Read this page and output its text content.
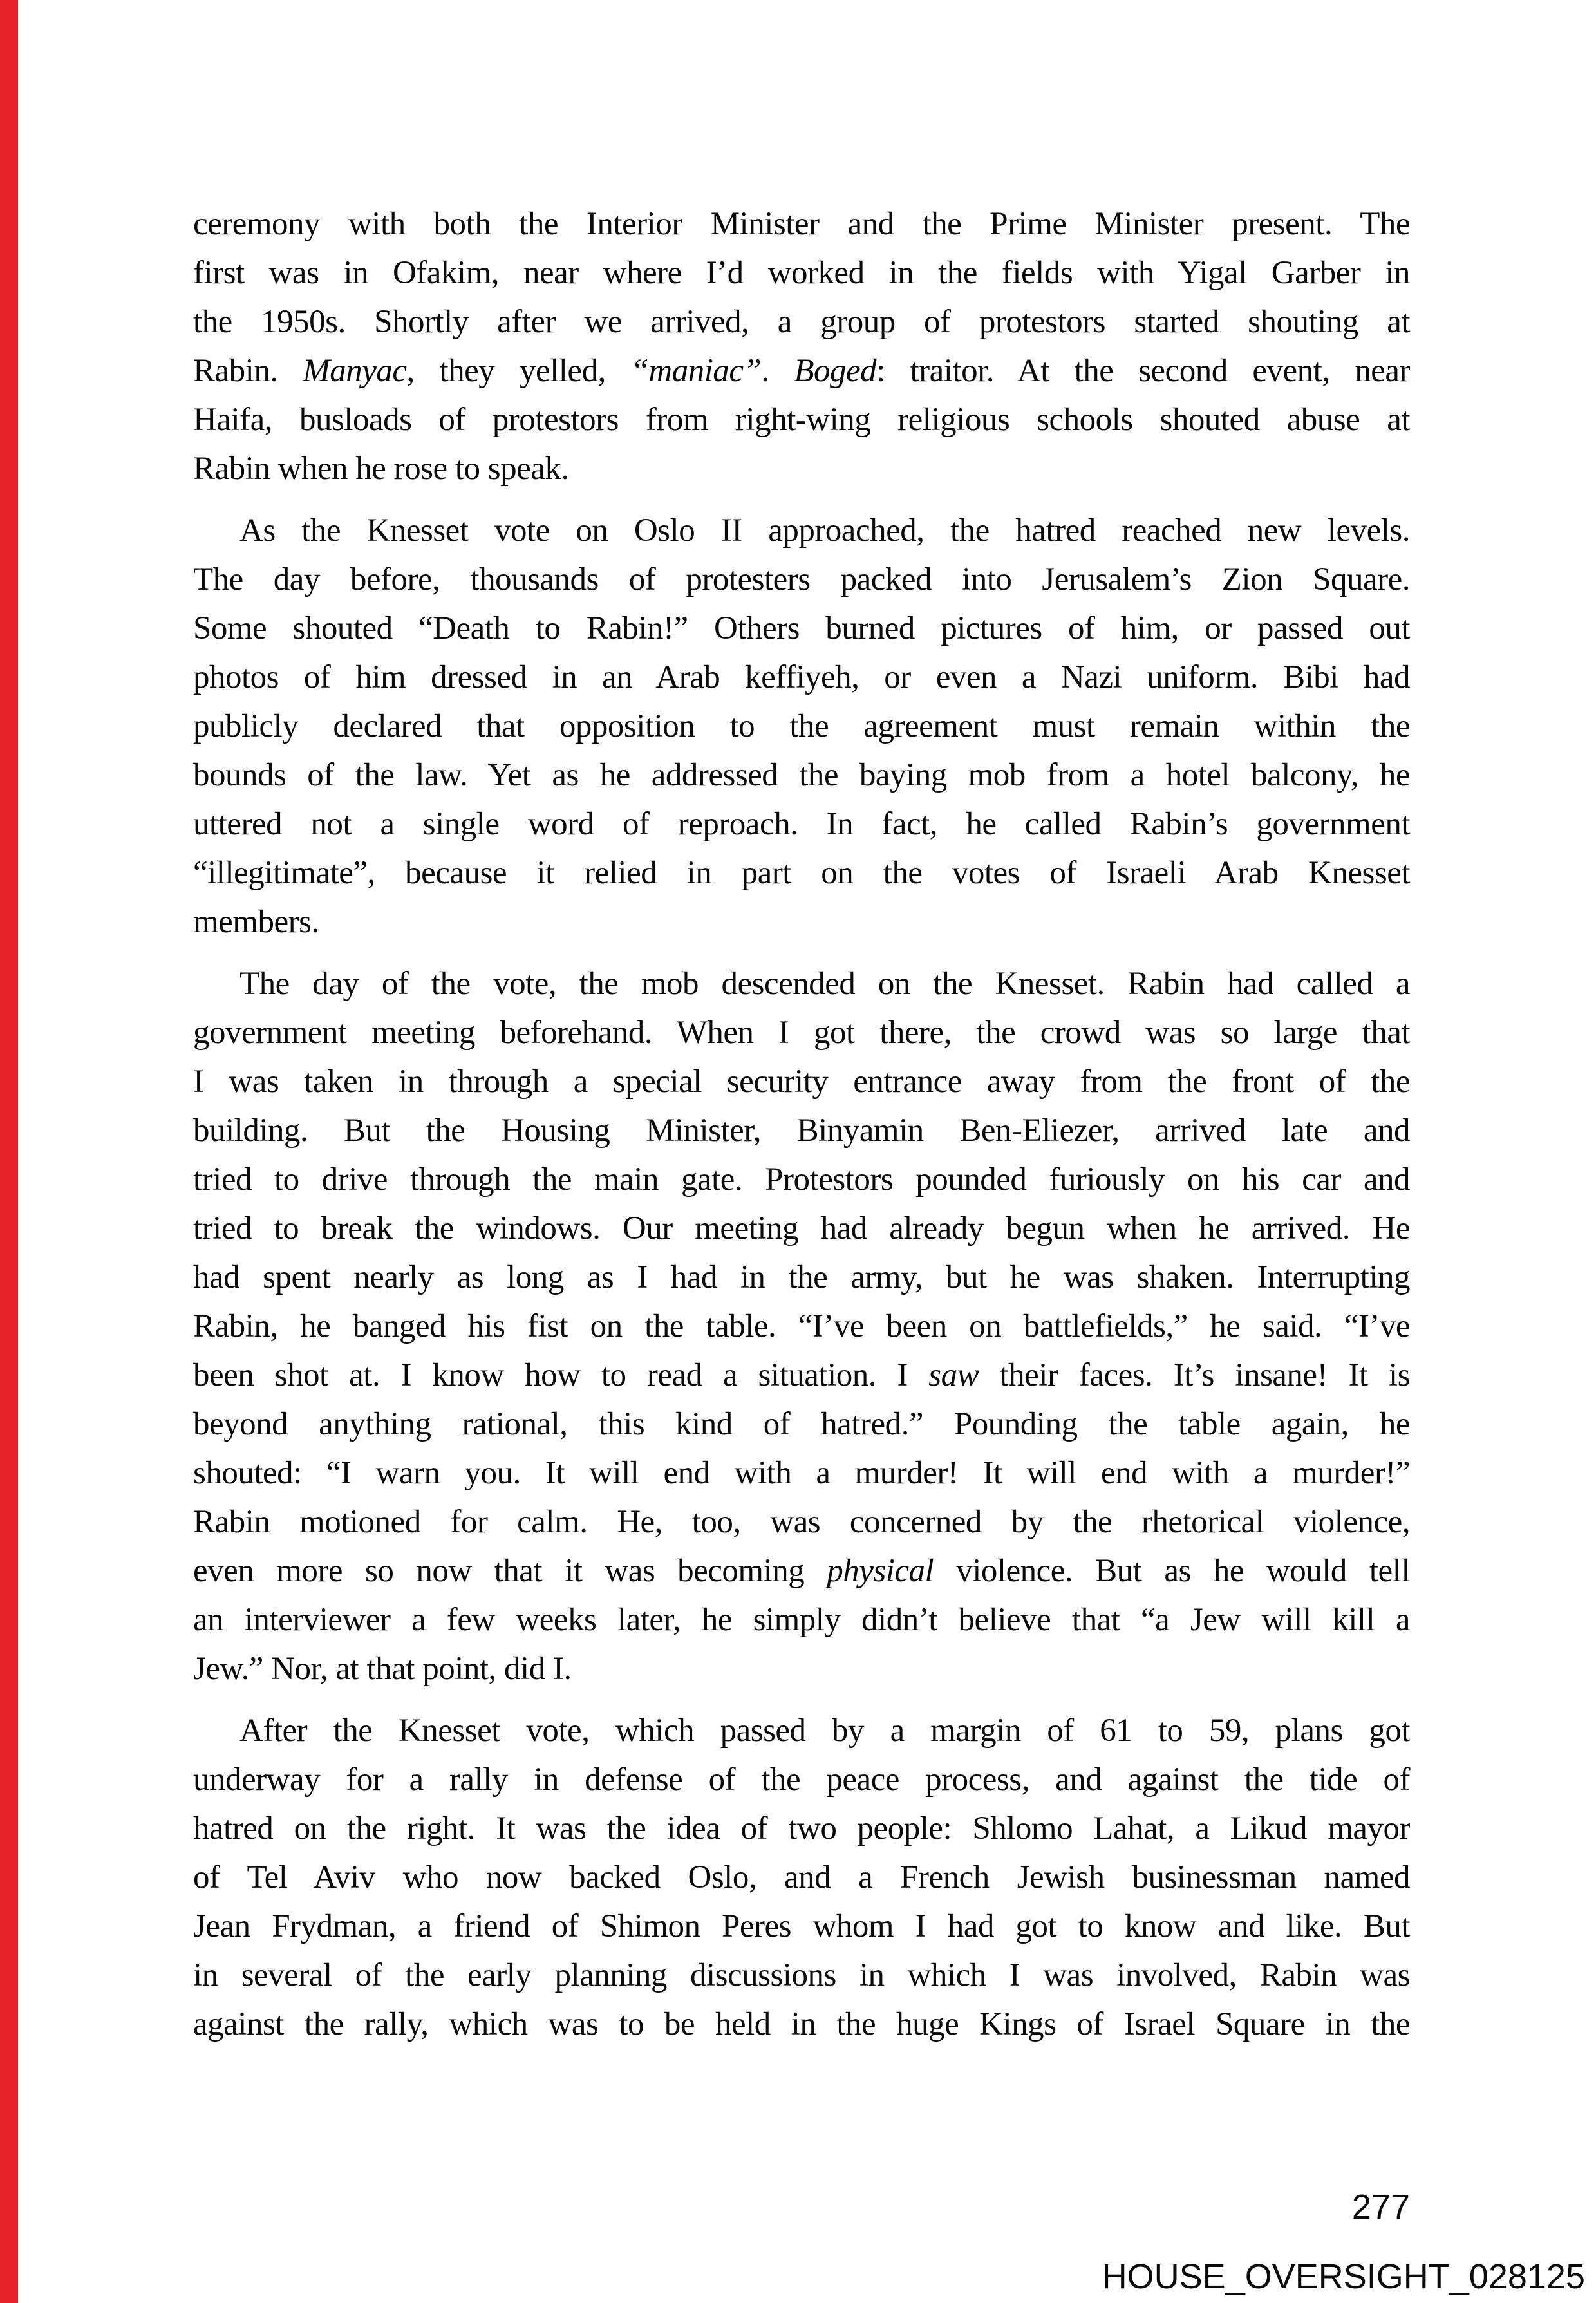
ceremony with both the Interior Minister and the Prime Minister present. The
first was in Ofakim, near where I’d worked in the fields with Yigal Garber in
the 1950s. Shortly after we arrived, a group of protestors started shouting at
Rabin. Manyac, they yelled, “maniac”. Boged: traitor. At the second event, near
Haifa, busloads of protestors from right-wing religious schools shouted abuse at
Rabin when he rose to speak.
As the Knesset vote on Oslo II approached, the hatred reached new levels.
The day before, thousands of protesters packed into Jerusalem’s Zion Square.
Some shouted “Death to Rabin!” Others burned pictures of him, or passed out
photos of him dressed in an Arab keffiyeh, or even a Nazi uniform. Bibi had
publicly declared that opposition to the agreement must remain within the
bounds of the law. Yet as he addressed the baying mob from a hotel balcony, he
uttered not a single word of reproach. In fact, he called Rabin’s government
“illegitimate”, because it relied in part on the votes of Israeli Arab Knesset
members.
The day of the vote, the mob descended on the Knesset. Rabin had called a
government meeting beforehand. When I got there, the crowd was so large that
I was taken in through a special security entrance away from the front of the
building. But the Housing Minister, Binyamin Ben-Eliezer, arrived late and
tried to drive through the main gate. Protestors pounded furiously on his car and
tried to break the windows. Our meeting had already begun when he arrived. He
had spent nearly as long as I had in the army, but he was shaken. Interrupting
Rabin, he banged his fist on the table. “I’ve been on battlefields,” he said. “I’ve
been shot at. I know how to read a situation. I saw their faces. It’s insane! It is
beyond anything rational, this kind of hatred.” Pounding the table again, he
shouted: “I warn you. It will end with a murder! It will end with a murder!”
Rabin motioned for calm. He, too, was concerned by the rhetorical violence,
even more so now that it was becoming physical violence. But as he would tell
an interviewer a few weeks later, he simply didn’t believe that “a Jew will kill a
Jew.” Nor, at that point, did I.
After the Knesset vote, which passed by a margin of 61 to 59, plans got
underway for a rally in defense of the peace process, and against the tide of
hatred on the right. It was the idea of two people: Shlomo Lahat, a Likud mayor
of Tel Aviv who now backed Oslo, and a French Jewish businessman named
Jean Frydman, a friend of Shimon Peres whom I had got to know and like. But
in several of the early planning discussions in which I was involved, Rabin was
against the rally, which was to be held in the huge Kings of Israel Square in the
277
HOUSE_OVERSIGHT_028125
